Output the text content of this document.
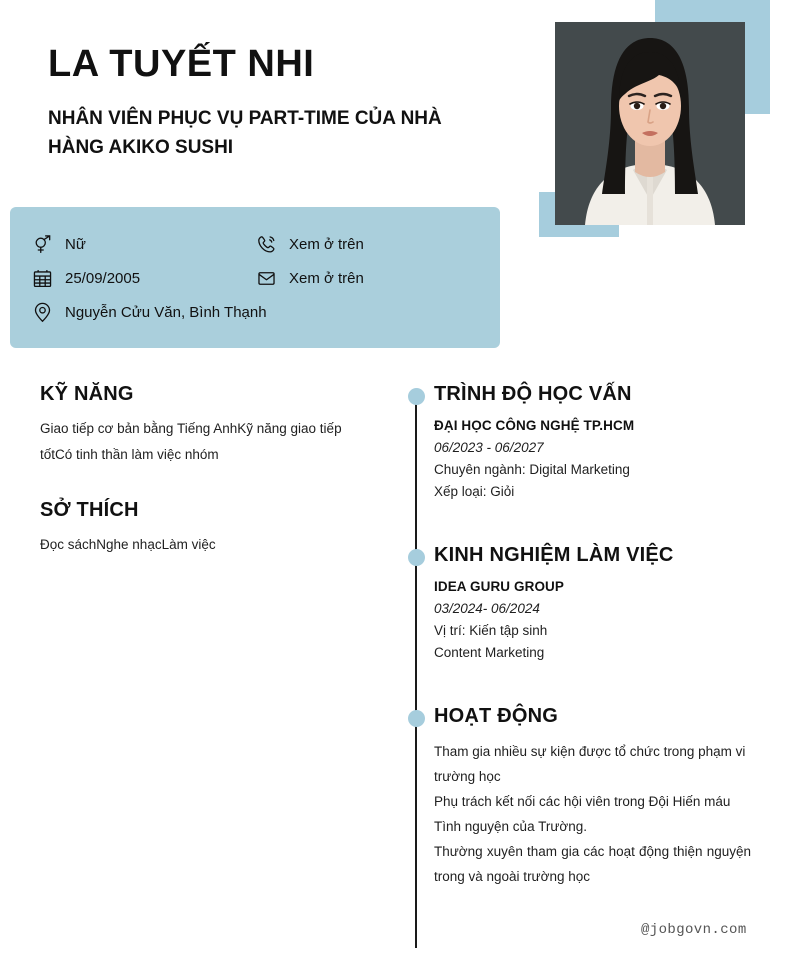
LA TUYẾT NHI
NHÂN VIÊN PHỤC VỤ PART-TIME CỦA NHÀ HÀNG AKIKO SUSHI
Nữ
25/09/2005
Nguyễn Cửu Văn, Bình Thạnh
Xem ở trên
Xem ở trên
KỸ NĂNG

Giao tiếp cơ bản bằng Tiếng AnhKỹ năng giao tiếp tốtCó tinh thần làm việc nhóm

SỞ THÍCH

Đọc sáchNghe nhạcLàm việc

TRÌNH ĐỘ HỌC VẤN

ĐẠI HỌC CÔNG NGHỆ TP.HCM

06/2023 - 06/2027

Chuyên ngành: Digital Marketing

Xếp loại: Giỏi

KINH NGHIỆM LÀM VIỆC

IDEA GURU GROUP

03/2024- 06/2024

Vị trí: Kiến tập sinh

Content Marketing

HOẠT ĐỘNG

Tham gia nhiều sự kiện được tổ chức trong phạm vi trường học

Phụ trách kết nối các hội viên trong Đội Hiến máu Tình nguyện của Trường.

Thường xuyên tham gia các hoạt động thiện nguyện trong và ngoài trường học

@jobgovn.com
